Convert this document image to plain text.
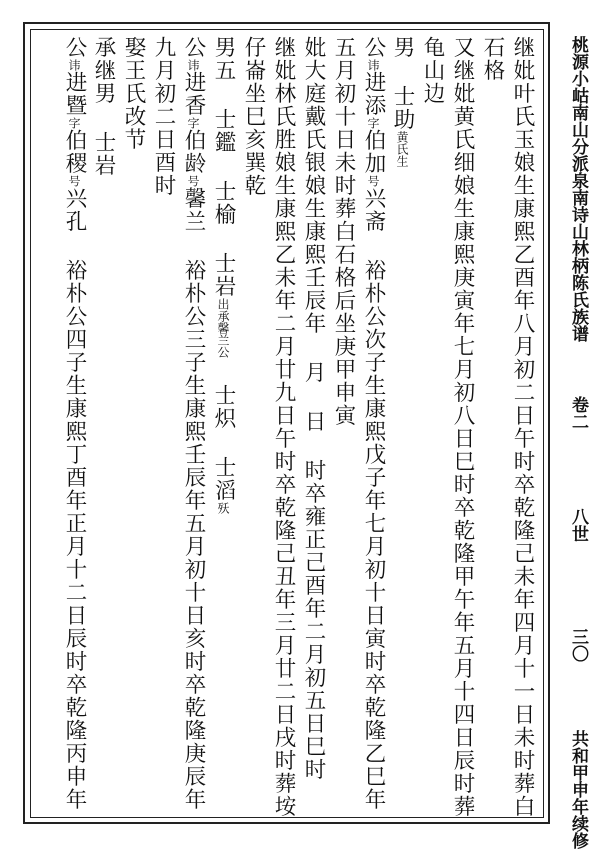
继妣叶氏玉娘生康熙乙酉年八月初二日午时卒乾隆己未年四月十一日未时葬白
石格
又继妣黄氏细娘生康熙庚寅年七月初八日巳时卒乾隆甲午年五月十四日辰时葬
龟山边
男士助黄氏生
公讳进添字伯加号兴斋裕朴公次子生康熙戊子年七月初十日寅时卒乾隆乙巳年
五月初十日未时葬白石格后坐庚甲申寅
妣大庭戴氏银娘生康熙壬辰年月日时卒雍正己酉年二月初五日巳时
继妣林氏胜娘生康熙乙未年二月廿九日午时卒乾隆己丑年三月廿二日戌时葬垵
仔崙坐巳亥巽乾
男五士鑑士榆士岩出承馨兰公士炽士滔殀
公讳进香字伯龄号馨兰裕朴公三子生康熙壬辰年五月初十日亥时卒乾隆庚辰年
九月初二日酉时
娶王氏改节
承继男士岩
公讳进暨字伯稷号兴孔裕朴公四子生康熙丁酉年正月十二日辰时卒乾隆丙申年
桃源小岵南山分派泉南诗山林柄陈氏族谱 卷二 八世 三〇 共和甲申年续修
